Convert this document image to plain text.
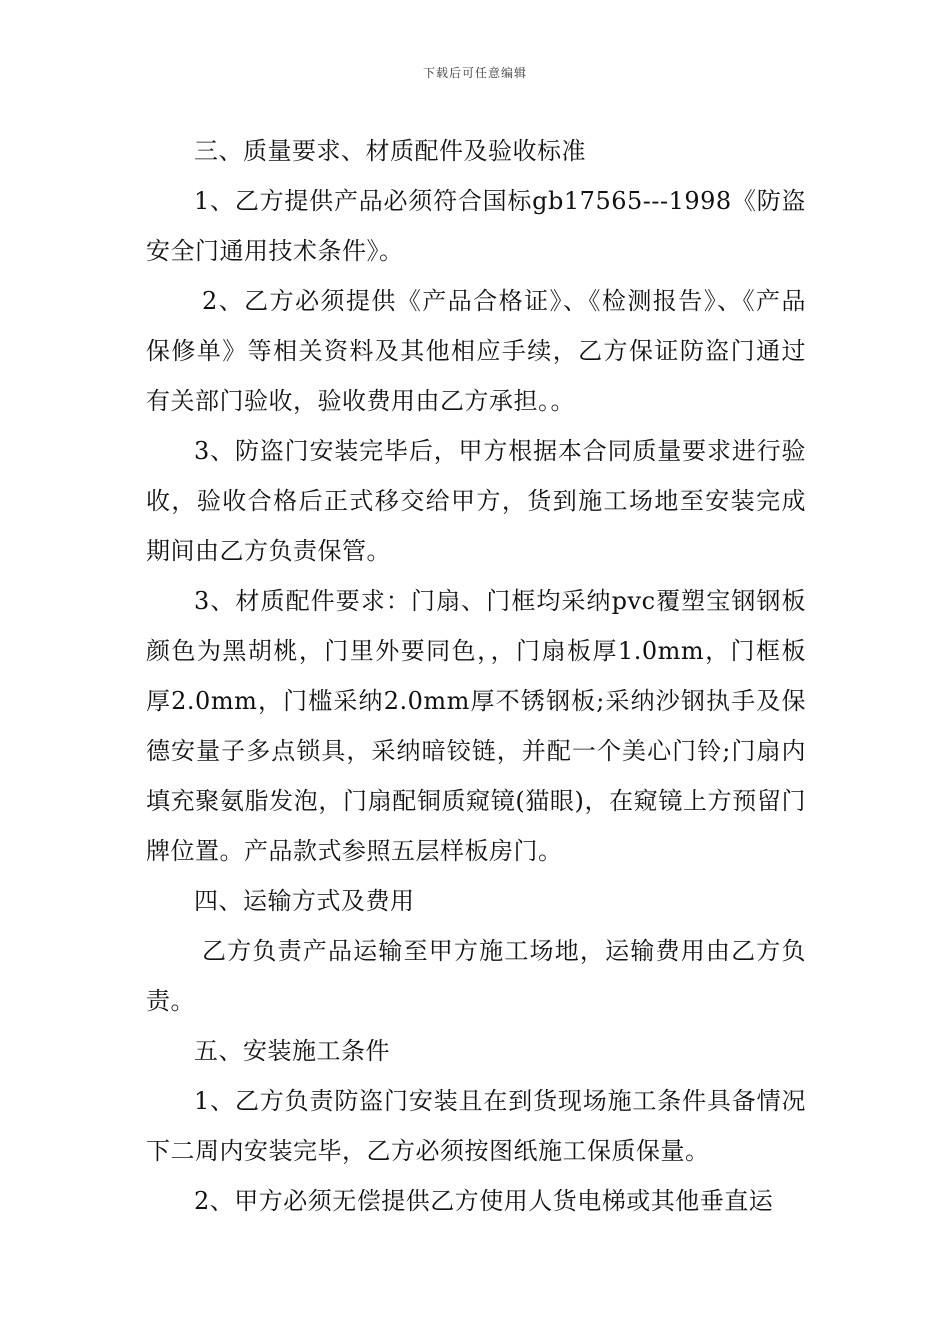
下载后可任意编辑

三、质量要求、材质配件及验收标准

1、乙方提供产品必须符合国标gb17565---1998《防盗安全门通用技术条件》。

2、乙方必须提供《产品合格证》、《检测报告》、《产品保修单》等相关资料及其他相应手续，乙方保证防盗门通过有关部门验收，验收费用由乙方承担。。

3、防盗门安装完毕后，甲方根据本合同质量要求进行验收，验收合格后正式移交给甲方，货到施工场地至安装完成期间由乙方负责保管。

3、材质配件要求：门扇、门框均采纳pvc覆塑宝钢钢板颜色为黑胡桃，门里外要同色，，门扇板厚1.0mm，门框板厚2.0mm，门槛采纳2.0mm厚不锈钢板;采纳沙钢执手及保德安量子多点锁具，采纳暗铰链，并配一个美心门铃;门扇内填充聚氨脂发泡，门扇配铜质窥镜(猫眼)，在窥镜上方预留门牌位置。产品款式参照五层样板房门。

四、运输方式及费用

乙方负责产品运输至甲方施工场地，运输费用由乙方负责。

五、安装施工条件

1、乙方负责防盗门安装且在到货现场施工条件具备情况下二周内安装完毕，乙方必须按图纸施工保质保量。

2、甲方必须无偿提供乙方使用人货电梯或其他垂直运
